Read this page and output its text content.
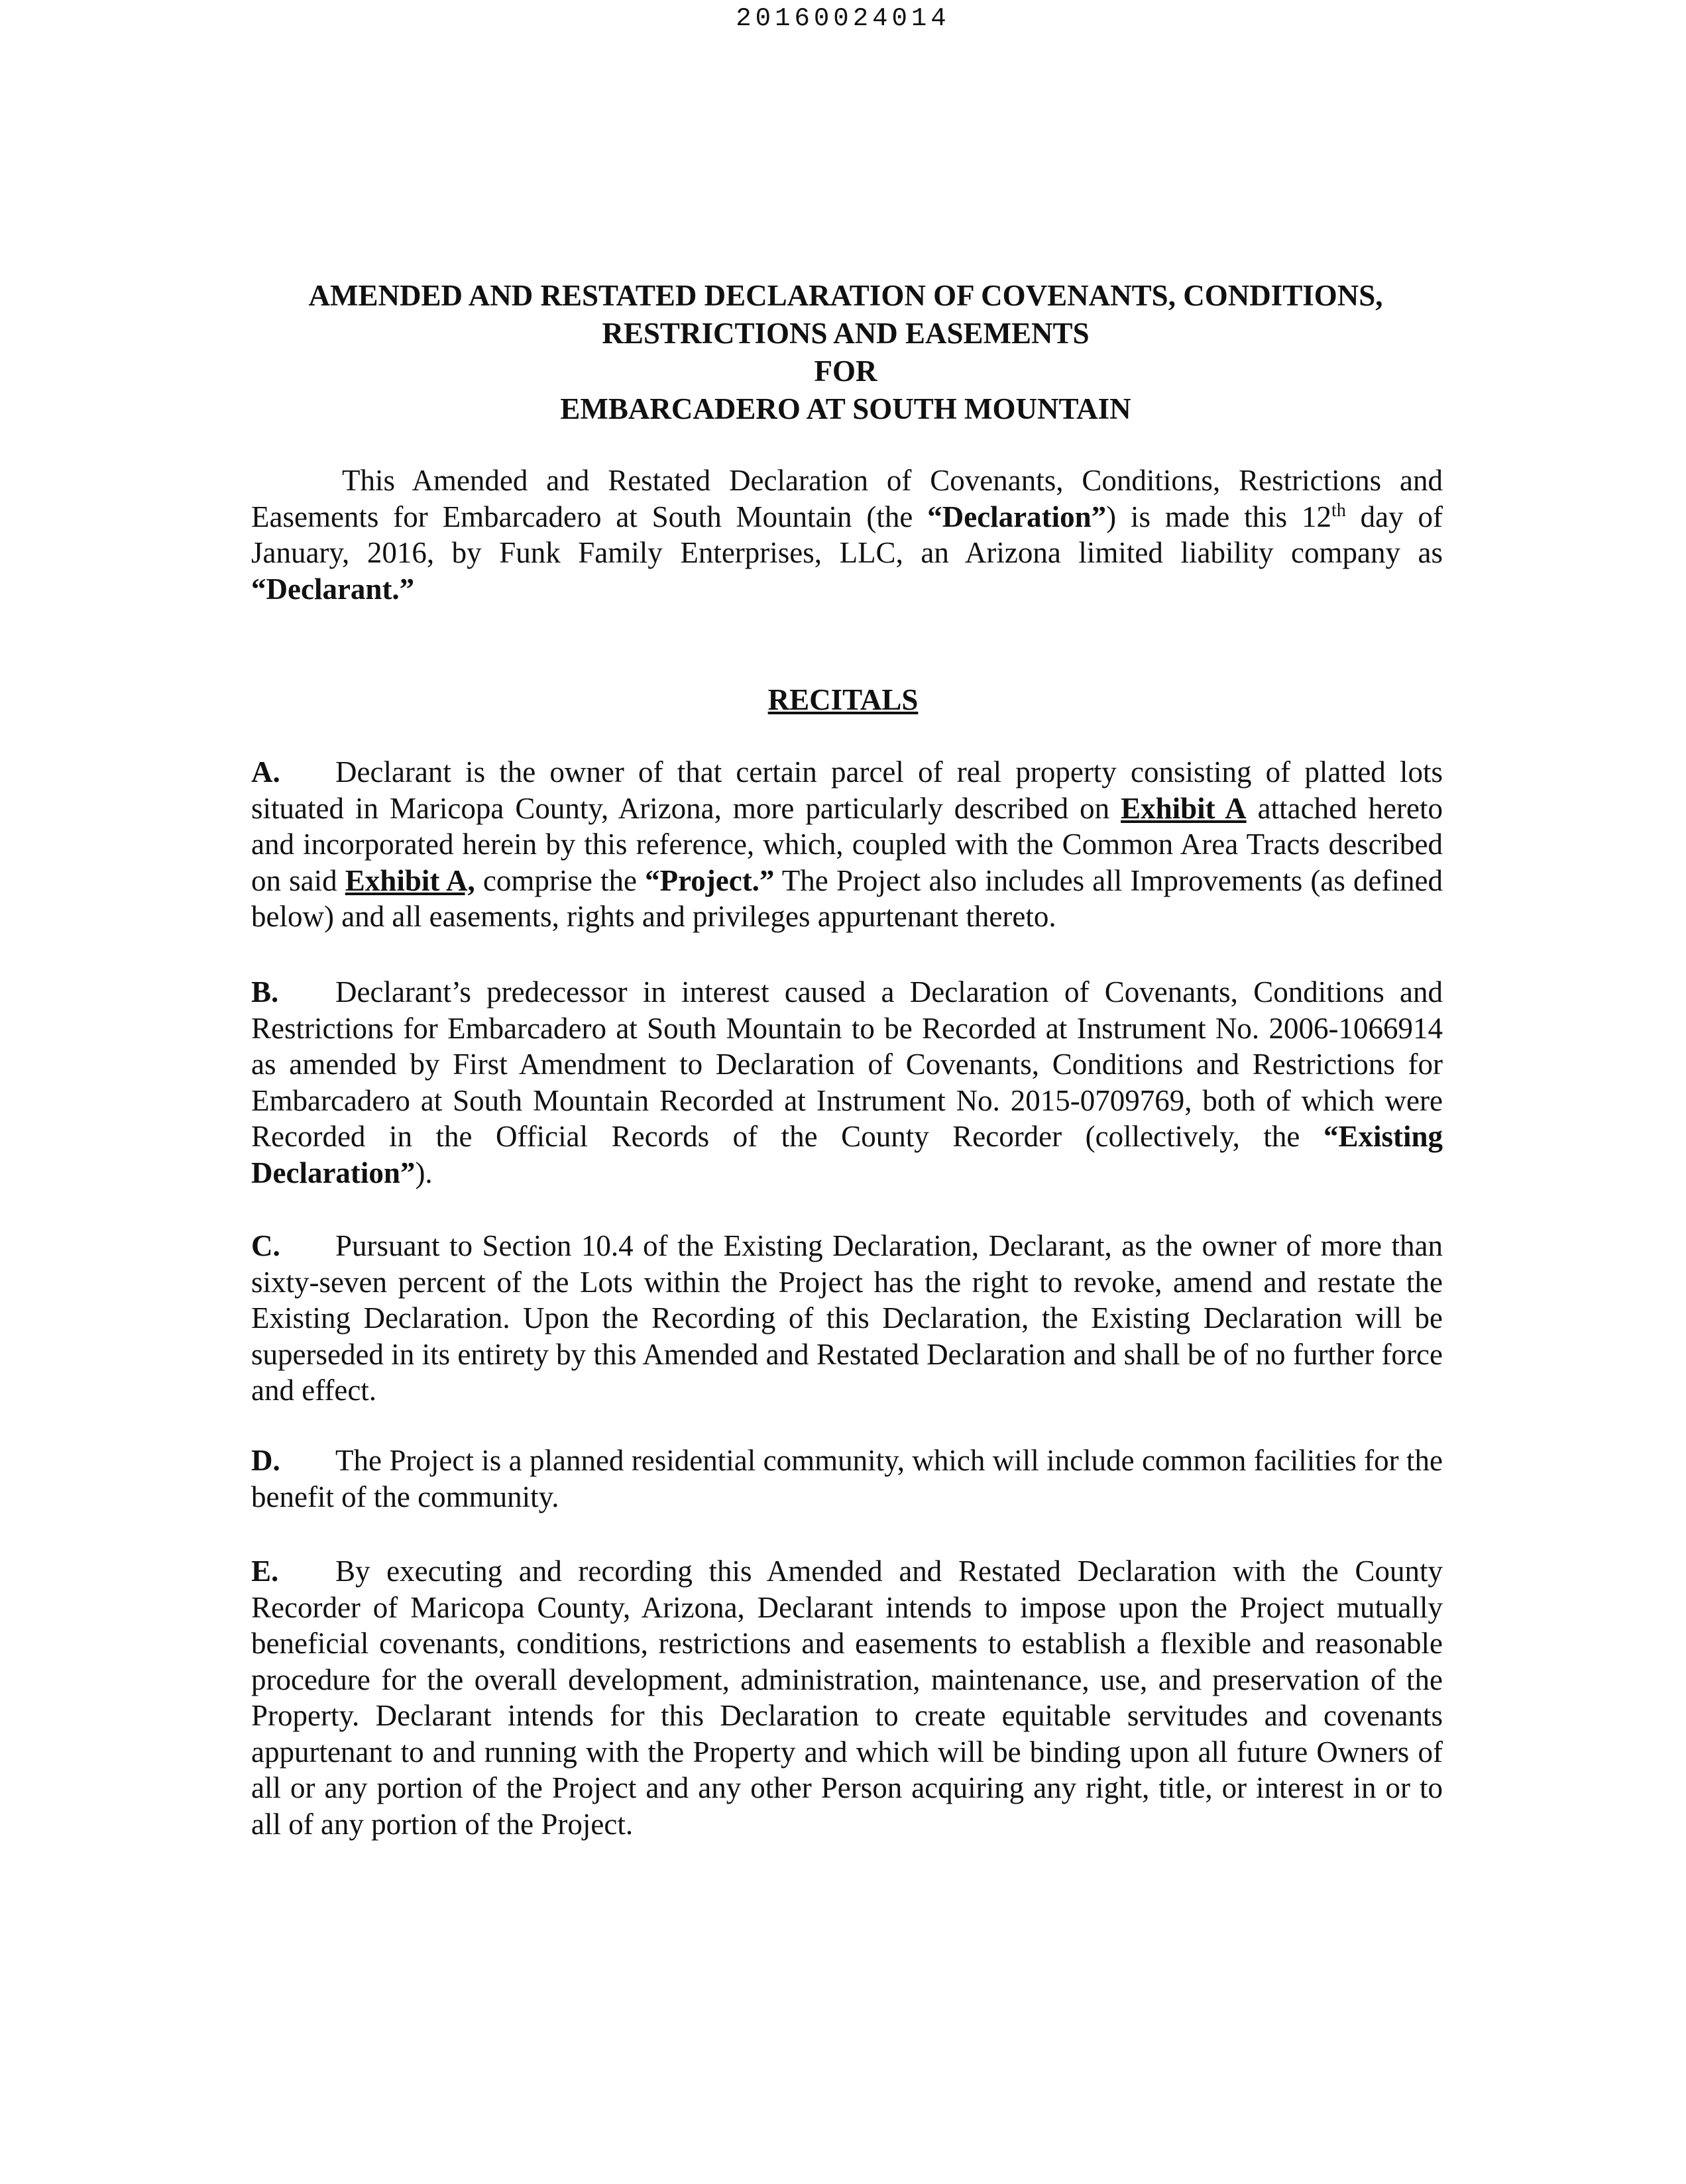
20160024014
AMENDED AND RESTATED DECLARATION OF COVENANTS, CONDITIONS,
RESTRICTIONS AND EASEMENTS
FOR
EMBARCADERO AT SOUTH MOUNTAIN
This Amended and Restated Declaration of Covenants, Conditions, Restrictions and Easements for Embarcadero at South Mountain (the “Declaration”) is made this 12th day of January, 2016, by Funk Family Enterprises, LLC, an Arizona limited liability company as “Declarant.”
RECITALS
A. Declarant is the owner of that certain parcel of real property consisting of platted lots situated in Maricopa County, Arizona, more particularly described on Exhibit A attached hereto and incorporated herein by this reference, which, coupled with the Common Area Tracts described on said Exhibit A, comprise the “Project.” The Project also includes all Improvements (as defined below) and all easements, rights and privileges appurtenant thereto.
B. Declarant’s predecessor in interest caused a Declaration of Covenants, Conditions and Restrictions for Embarcadero at South Mountain to be Recorded at Instrument No. 2006-1066914 as amended by First Amendment to Declaration of Covenants, Conditions and Restrictions for Embarcadero at South Mountain Recorded at Instrument No. 2015-0709769, both of which were Recorded in the Official Records of the County Recorder (collectively, the “Existing Declaration”).
C. Pursuant to Section 10.4 of the Existing Declaration, Declarant, as the owner of more than sixty-seven percent of the Lots within the Project has the right to revoke, amend and restate the Existing Declaration. Upon the Recording of this Declaration, the Existing Declaration will be superseded in its entirety by this Amended and Restated Declaration and shall be of no further force and effect.
D. The Project is a planned residential community, which will include common facilities for the benefit of the community.
E. By executing and recording this Amended and Restated Declaration with the County Recorder of Maricopa County, Arizona, Declarant intends to impose upon the Project mutually beneficial covenants, conditions, restrictions and easements to establish a flexible and reasonable procedure for the overall development, administration, maintenance, use, and preservation of the Property. Declarant intends for this Declaration to create equitable servitudes and covenants appurtenant to and running with the Property and which will be binding upon all future Owners of all or any portion of the Project and any other Person acquiring any right, title, or interest in or to all of any portion of the Project.
